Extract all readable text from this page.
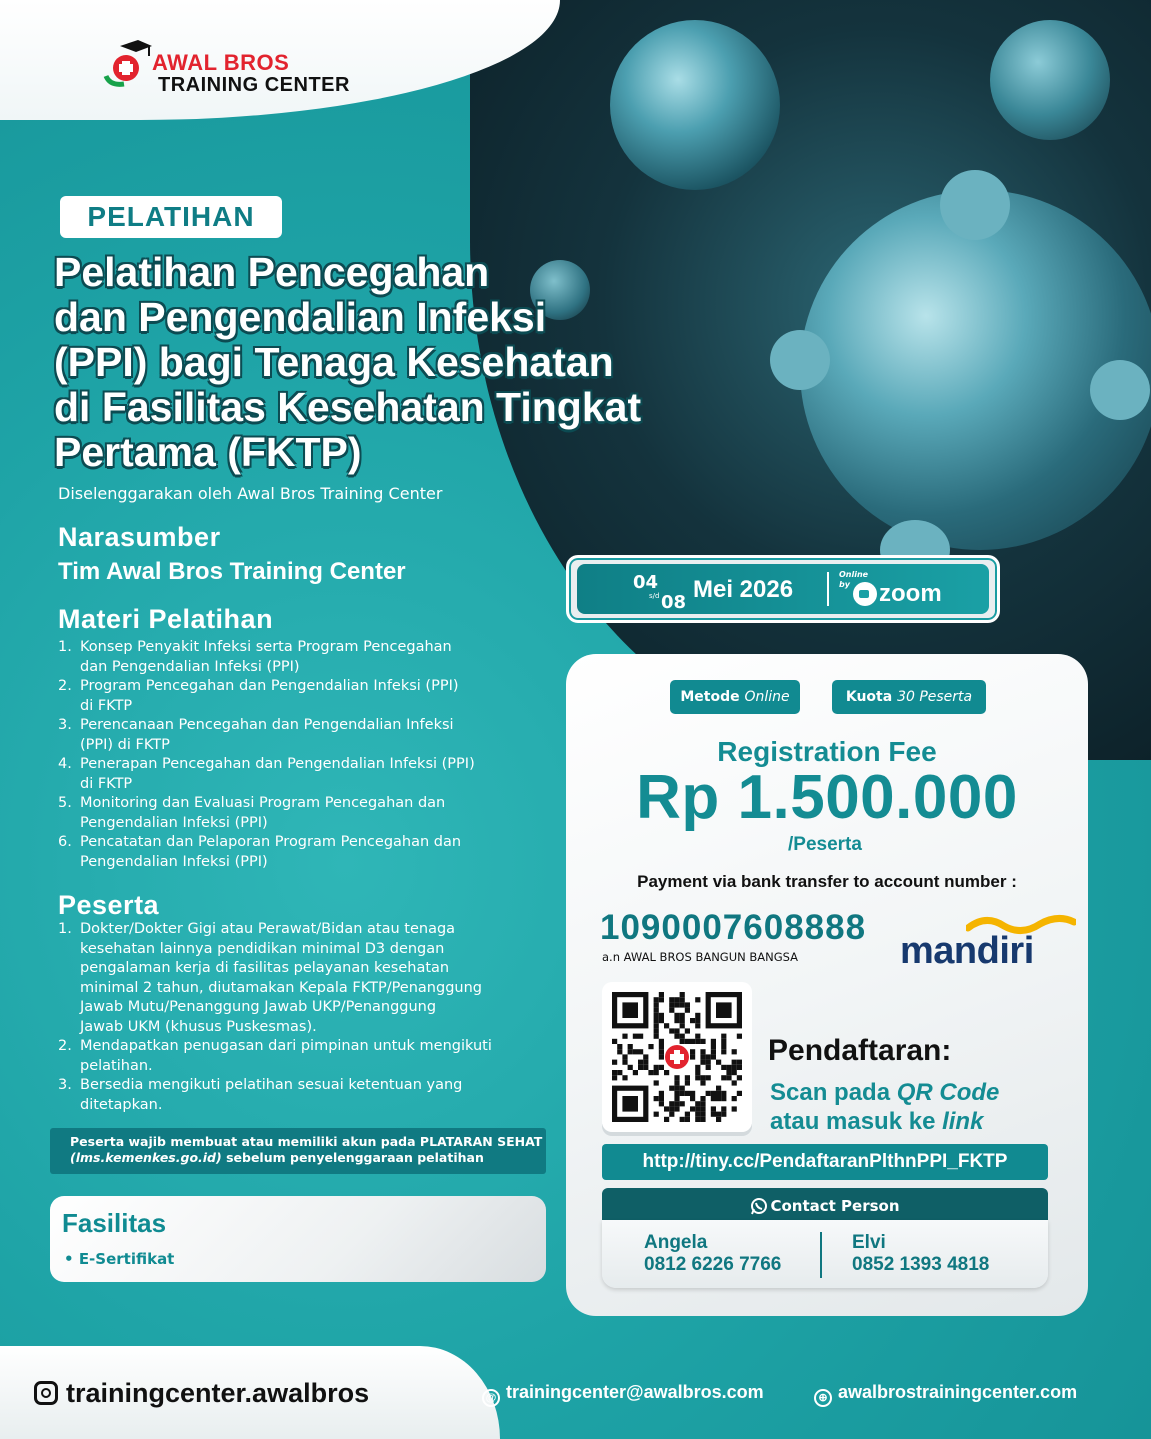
AWAL BROS
TRAINING CENTER
PELATIHAN
Pelatihan Pencegahan
dan Pengendalian Infeksi
(PPI) bagi Tenaga Kesehatan
di Fasilitas Kesehatan Tingkat
Pertama (FKTP)
Diselenggarakan oleh Awal Bros Training Center
Narasumber
Tim Awal Bros Training Center
Materi Pelatihan
1. Konsep Penyakit Infeksi serta Program Pencegahan
dan Pengendalian Infeksi (PPI)
2. Program Pencegahan dan Pengendalian Infeksi (PPI)
di FKTP
3. Perencanaan Pencegahan dan Pengendalian Infeksi
(PPI) di FKTP
4. Penerapan Pencegahan dan Pengendalian Infeksi (PPI)
di FKTP
5. Monitoring dan Evaluasi Program Pencegahan dan
Pengendalian Infeksi (PPI)
6. Pencatatan dan Pelaporan Program Pencegahan dan
Pengendalian Infeksi (PPI)
Peserta
1. Dokter/Dokter Gigi atau Perawat/Bidan atau tenaga
kesehatan lainnya pendidikan minimal D3 dengan
pengalaman kerja di fasilitas pelayanan kesehatan
minimal 2 tahun, diutamakan Kepala FKTP/Penanggung
Jawab Mutu/Penanggung Jawab UKP/Penanggung
Jawab UKM (khusus Puskesmas).
2. Mendapatkan penugasan dari pimpinan untuk mengikuti
pelatihan.
3. Bersedia mengikuti pelatihan sesuai ketentuan yang
ditetapkan.
Peserta wajib membuat atau memiliki akun pada PLATARAN SEHAT
(lms.kemenkes.go.id) sebelum penyelenggaraan pelatihan
Fasilitas
• E-Sertifikat
04
s/d 08 Mei 2026
Online
by	zoom
Metode Online	Kuota 30 Peserta
Registration Fee
Rp 1.500.000
/Peserta
Payment via bank transfer to account number :
1090007608888
a.n AWAL BROS BANGUN BANGSA	mandiri
Pendaftaran:
Scan pada QR Code
atau masuk ke link
http://tiny.cc/PendaftaranPlthnPPI_FKTP
Contact Person
Angela
0812 6226 7766
Elvi
0852 1393 4818
trainingcenter.awalbros	@ trainingcenter@awalbros.com	⊕ awalbrostrainingcenter.com
